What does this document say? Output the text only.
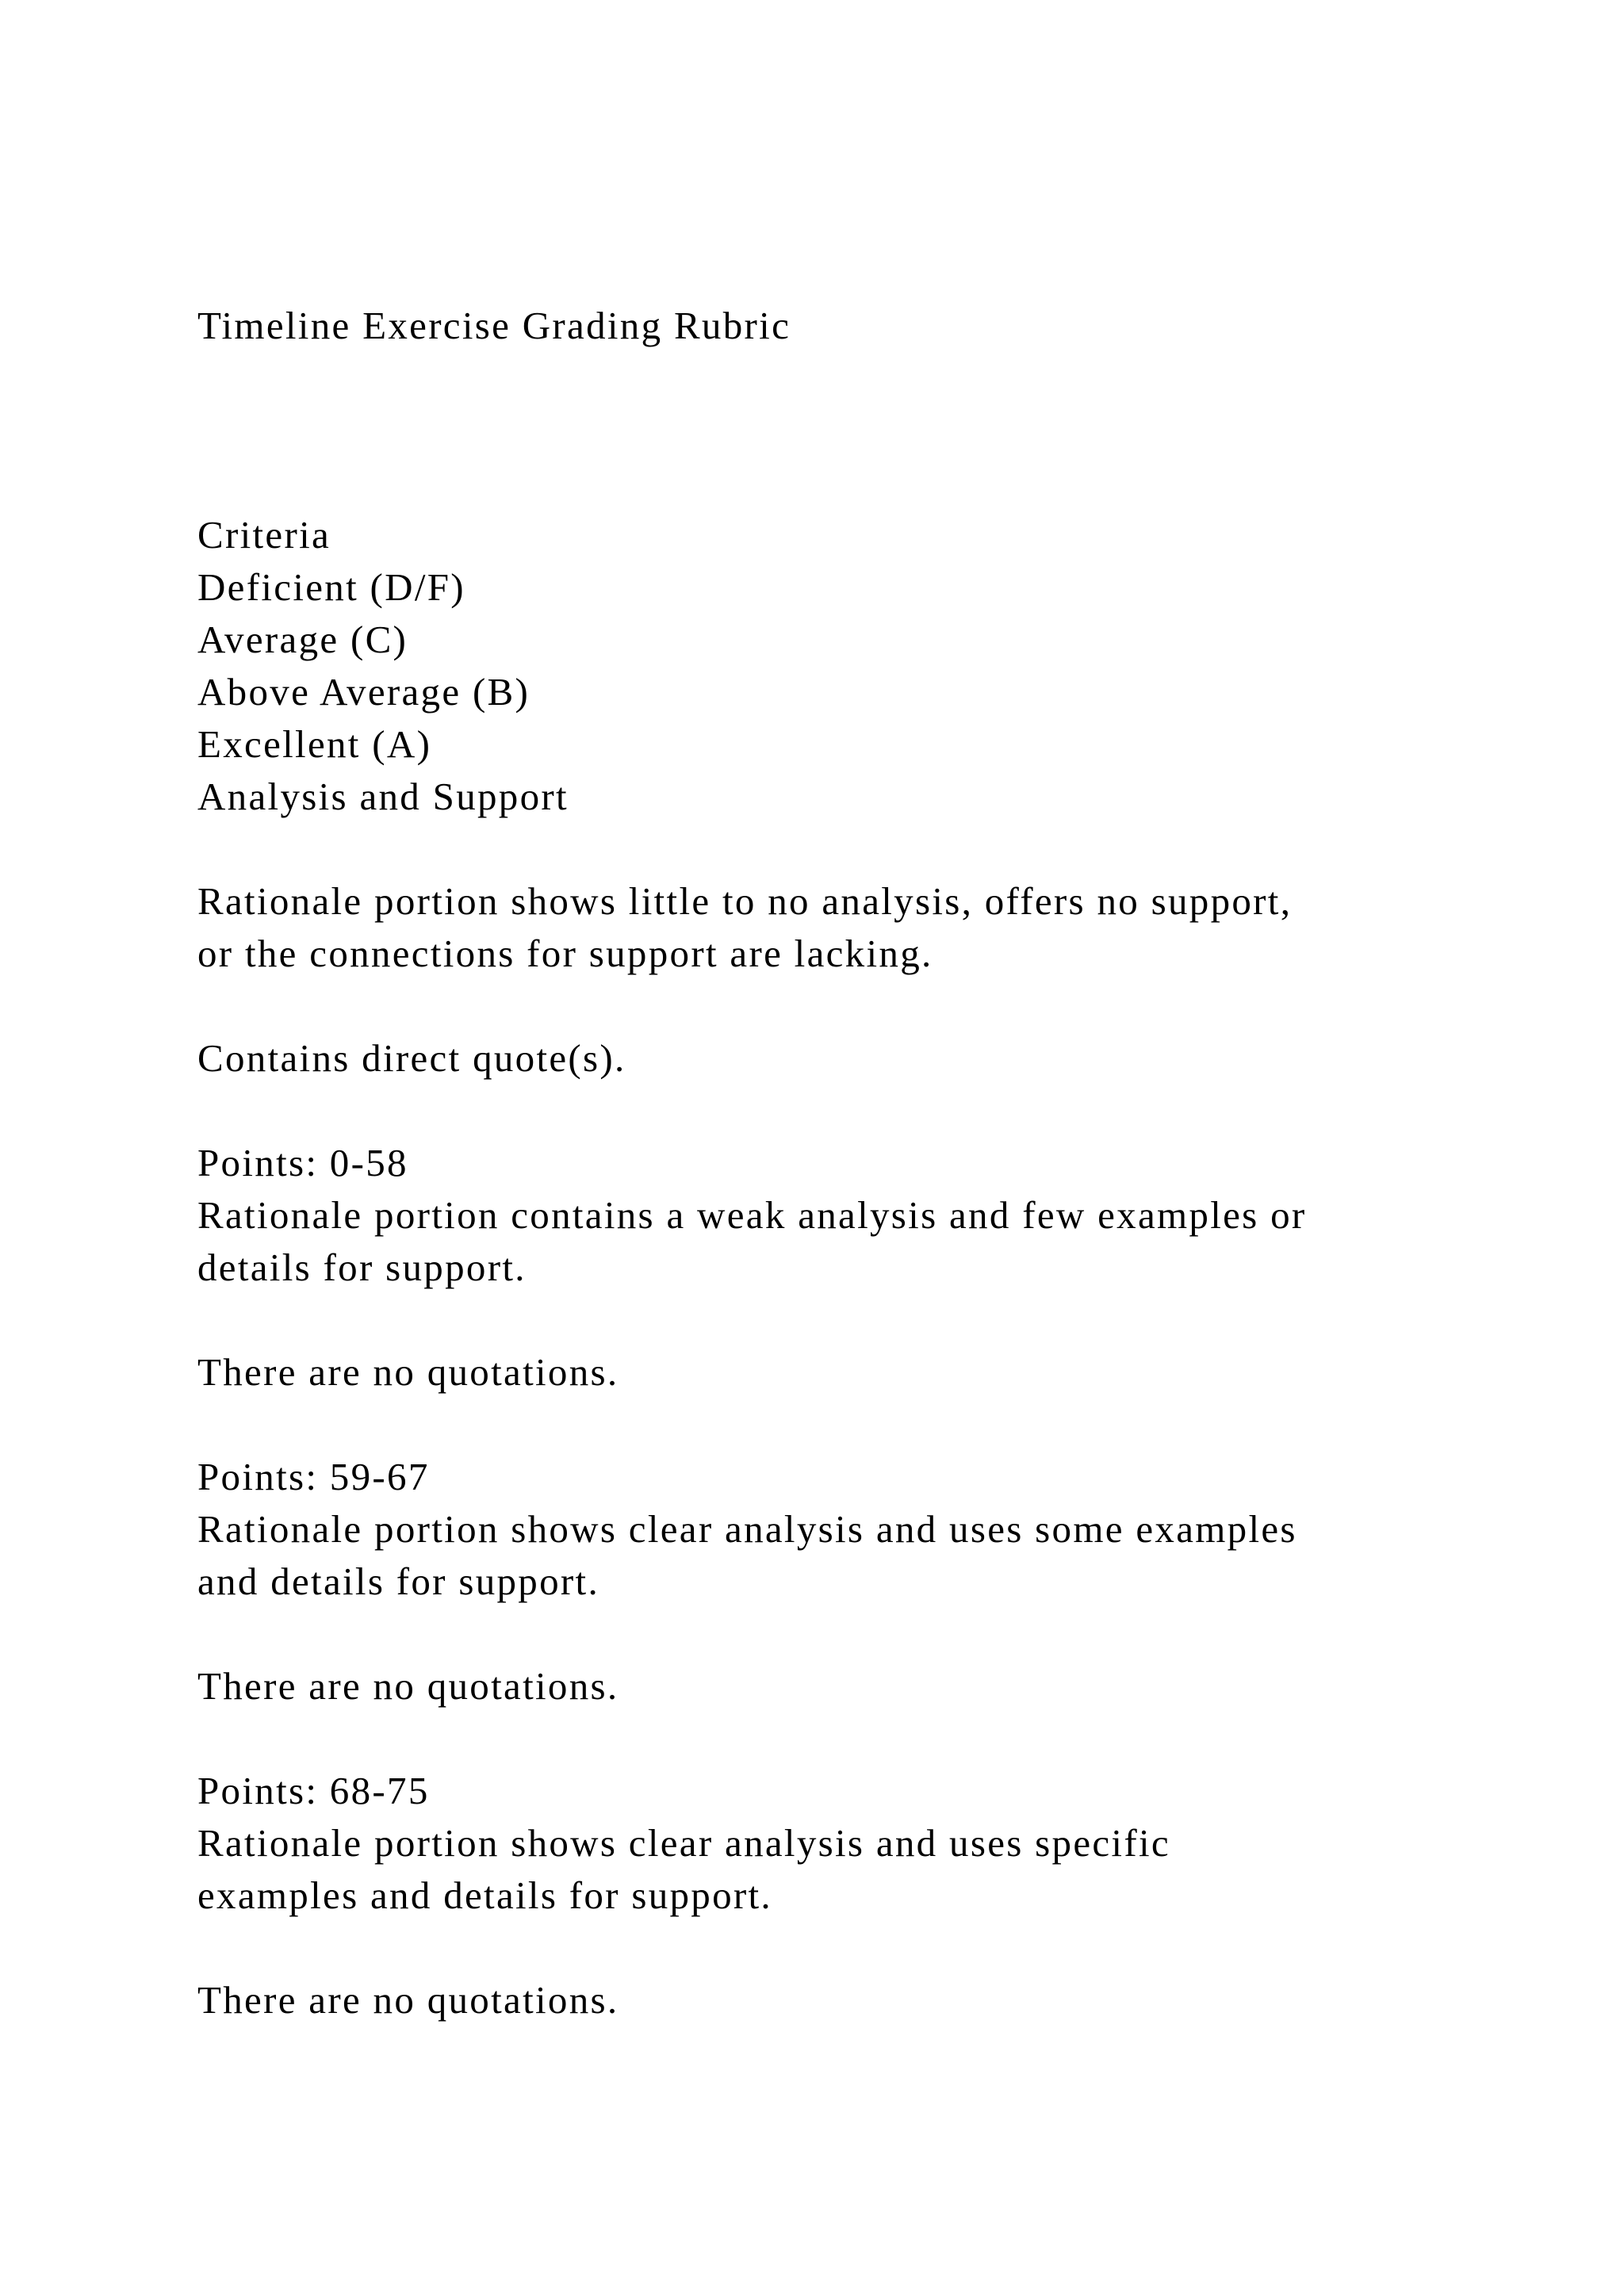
Timeline Exercise Grading Rubric

Criteria

Deficient (D/F)

Average (C)

Above Average (B)

Excellent (A)

Analysis and Support

Rationale portion shows little to no analysis, offers no support,

or the connections for support are lacking.

Contains direct quote(s).

Points: 0-58

Rationale portion contains a weak analysis and few examples or

details for support.

There are no quotations.

Points: 59-67

Rationale portion shows clear analysis and uses some examples

and details for support.

There are no quotations.

Points: 68-75

Rationale portion shows clear analysis and uses specific

examples and details for support.

There are no quotations.
